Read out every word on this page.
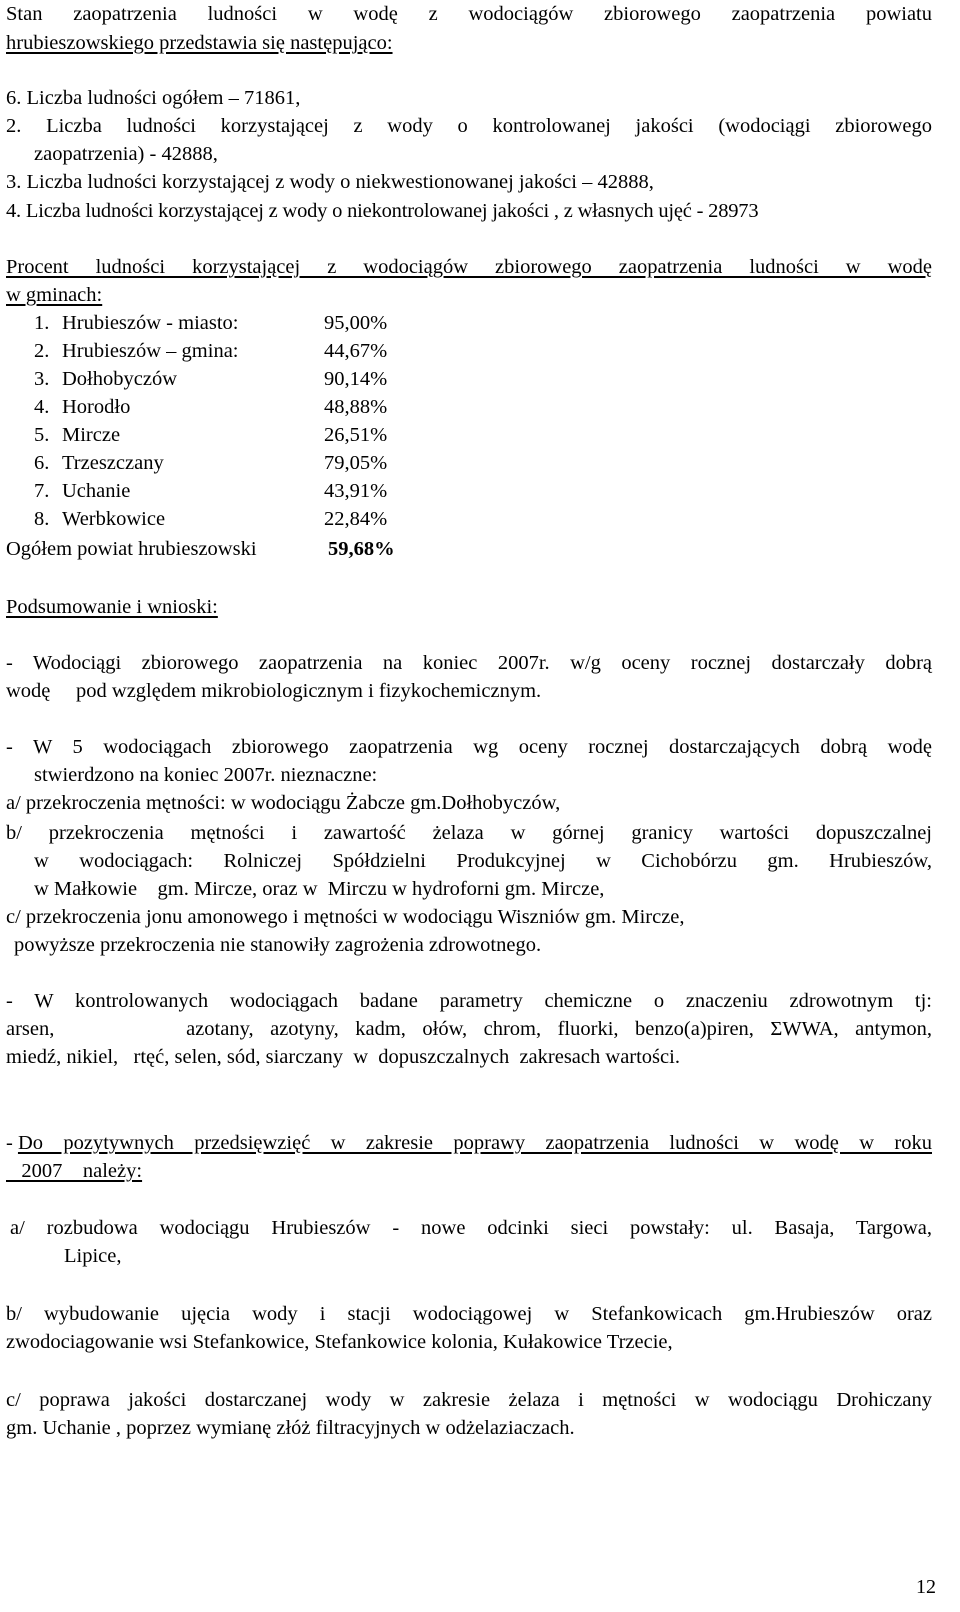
Stan zaopatrzenia ludności w wodę z wodociągów zbiorowego zaopatrzenia powiatu
hrubieszowskiego przedstawia się następująco:
6. Liczba ludności ogółem – 71861,
2. Liczba ludności korzystającej z wody o kontrolowanej jakości (wodociągi zbiorowego
zaopatrzenia) - 42888,
3. Liczba ludności korzystającej z wody o niekwestionowanej jakości – 42888,
4. Liczba ludności korzystającej z wody o niekontrolowanej jakości , z własnych ujęć - 28973
Procent ludności korzystającej z wodociągów zbiorowego zaopatrzenia ludności w wodę
w gminach:
1. Hrubieszów - miasto:	95,00%
2. Hrubieszów – gmina:	44,67%
3. Dołhobyczów	90,14%
4. Horodło	48,88%
5. Mircze	26,51%
6. Trzeszczany	79,05%
7. Uchanie	43,91%
8. Werbkowice	22,84%
Ogółem powiat hrubieszowski	59,68%
Podsumowanie i wnioski:
- Wodociągi zbiorowego zaopatrzenia na koniec 2007r. w/g oceny rocznej dostarczały dobrą
wodę     pod względem mikrobiologicznym i fizykochemicznym.
- W 5 wodociągach zbiorowego zaopatrzenia wg oceny rocznej dostarczających dobrą wodę
stwierdzono na koniec 2007r. nieznaczne:
a/ przekroczenia mętności: w wodociągu Żabcze gm.Dołhobyczów,
b/ przekroczenia mętności i zawartość żelaza w górnej granicy wartości dopuszczalnej
w wodociągach: Rolniczej Spółdzielni Produkcyjnej w Cichobórzu gm. Hrubieszów,
w Małkowie    gm. Mircze, oraz w  Mirczu w hydroforni gm. Mircze,
c/ przekroczenia jonu amonowego i mętności w wodociągu Wiszniów gm. Mircze,
powyższe przekroczenia nie stanowiły zagrożenia zdrowotnego.
- W kontrolowanych wodociągach badane parametry chemiczne o znaczeniu zdrowotnym tj:
arsen,        azotany, azotyny, kadm, ołów, chrom, fluorki, benzo(a)piren, ΣWWA, antymon,
miedź, nikiel,   rtęć, selen, sód, siarczany  w  dopuszczalnych  zakresach wartości.
- Do pozytywnych przedsięwzięć w zakresie poprawy zaopatrzenia ludności w wodę w roku
2007    należy:
a/ rozbudowa wodociągu Hrubieszów - nowe odcinki sieci powstały: ul. Basaja, Targowa,
Lipice,
b/ wybudowanie ujęcia wody i stacji wodociągowej w Stefankowicach gm.Hrubieszów oraz
zwodociagowanie wsi Stefankowice, Stefankowice kolonia, Kułakowice Trzecie,
c/ poprawa jakości dostarczanej wody w zakresie żelaza i mętności w wodociągu Drohiczany
gm. Uchanie , poprzez wymianę złóż filtracyjnych w odżelaziaczach.
12
